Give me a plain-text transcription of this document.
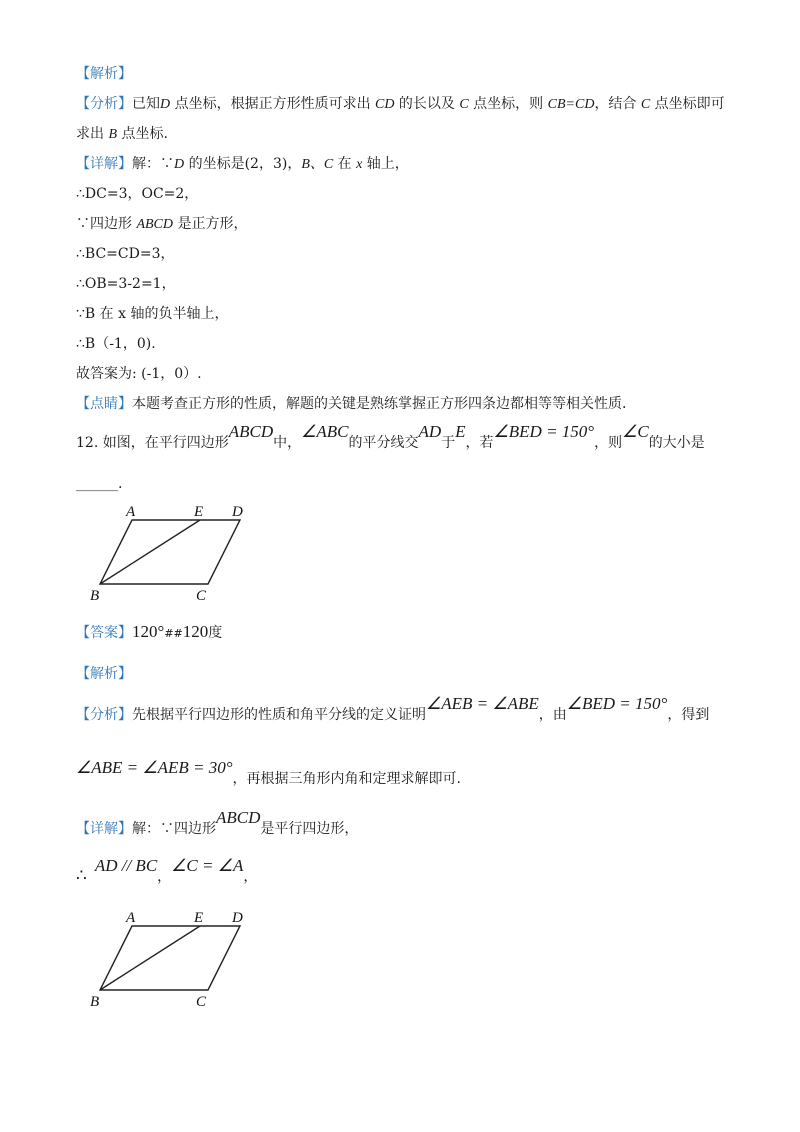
【解析】
【分析】已知D 点坐标，根据正方形性质可求出 CD 的长以及 C 点坐标，则 CB=CD，结合 C 点坐标即可
求出 B 点坐标.
【详解】解：∵D 的坐标是(2，3)，B、C 在 x 轴上，
∴DC=3，OC=2，
∵四边形 ABCD 是正方形，
∴BC=CD=3，
∴OB=3-2=1，
∵B 在 x 轴的负半轴上，
∴B（-1，0).
故答案为: (-1，0）.
【点睛】本题考查正方形的性质，解题的关键是熟练掌握正方形四条边都相等等相关性质.
12. 如图，在平行四边形ABCD中，∠ABC的平分线交AD于E，若∠BED = 150°，则∠C的大小是
______.
A	E D
B	C
【答案】120°##120度
【解析】
【分析】先根据平行四边形的性质和角平分线的定义证明∠AEB = ∠ABE，由∠BED = 150°，得到
∠ABE = ∠AEB = 30°，再根据三角形内角和定理求解即可.
【详解】解：∵四边形ABCD是平行四边形，
∴AD // BC，∠C = ∠A，
A	E D
B	C
